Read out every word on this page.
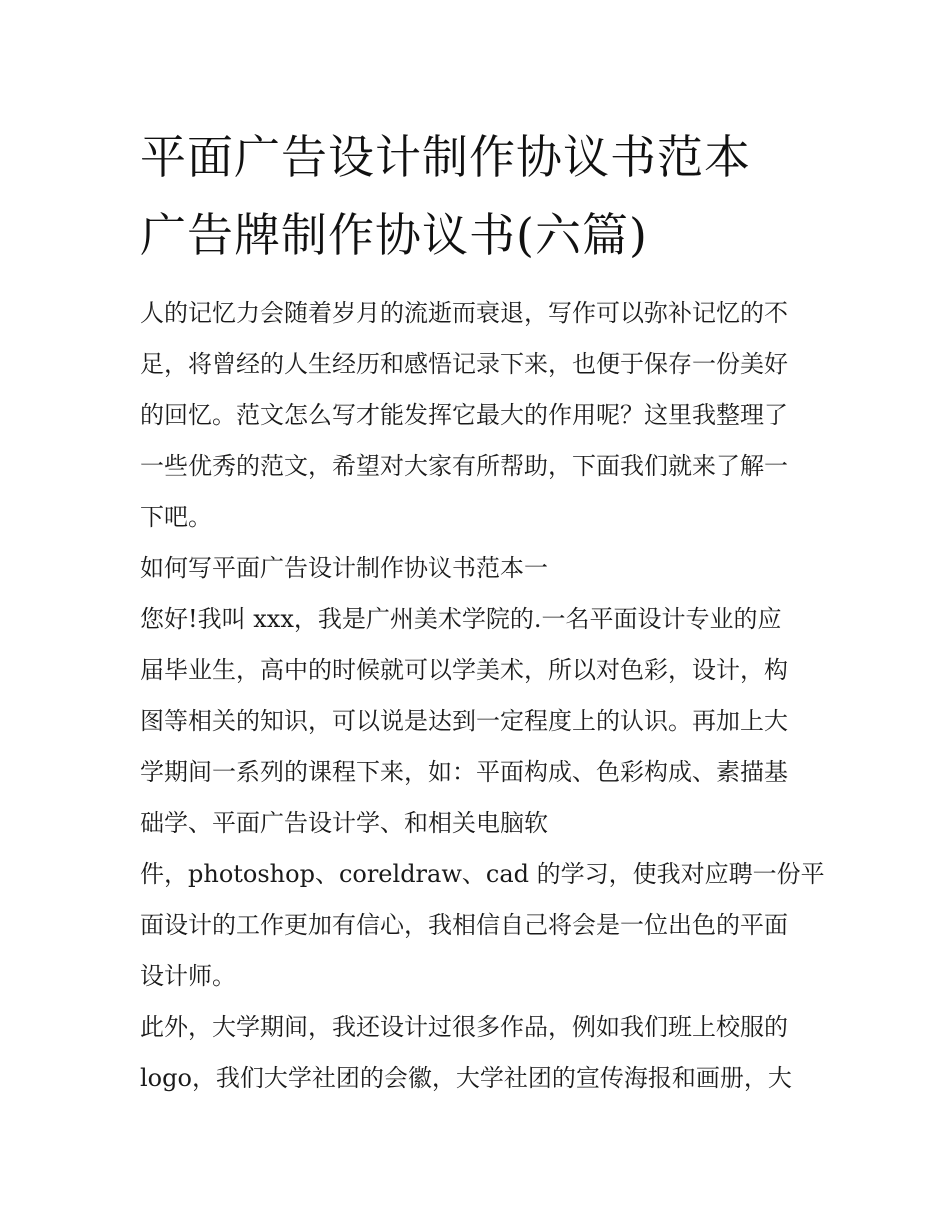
平面广告设计制作协议书范本
广告牌制作协议书(六篇)

人的记忆力会随着岁月的流逝而衰退，写作可以弥补记忆的不
足，将曾经的人生经历和感悟记录下来，也便于保存一份美好
的回忆。范文怎么写才能发挥它最大的作用呢？这里我整理了
一些优秀的范文，希望对大家有所帮助，下面我们就来了解一
下吧。

如何写平面广告设计制作协议书范本一

您好!我叫 xxx，我是广州美术学院的.一名平面设计专业的应
届毕业生，高中的时候就可以学美术，所以对色彩，设计，构
图等相关的知识，可以说是达到一定程度上的认识。再加上大
学期间一系列的课程下来，如：平面构成、色彩构成、素描基
础学、平面广告设计学、和相关电脑软

件，photoshop、coreldraw、cad 的学习，使我对应聘一份平
面设计的工作更加有信心，我相信自己将会是一位出色的平面
设计师。

此外，大学期间，我还设计过很多作品，例如我们班上校服的
logo，我们大学社团的会徽，大学社团的宣传海报和画册，大
